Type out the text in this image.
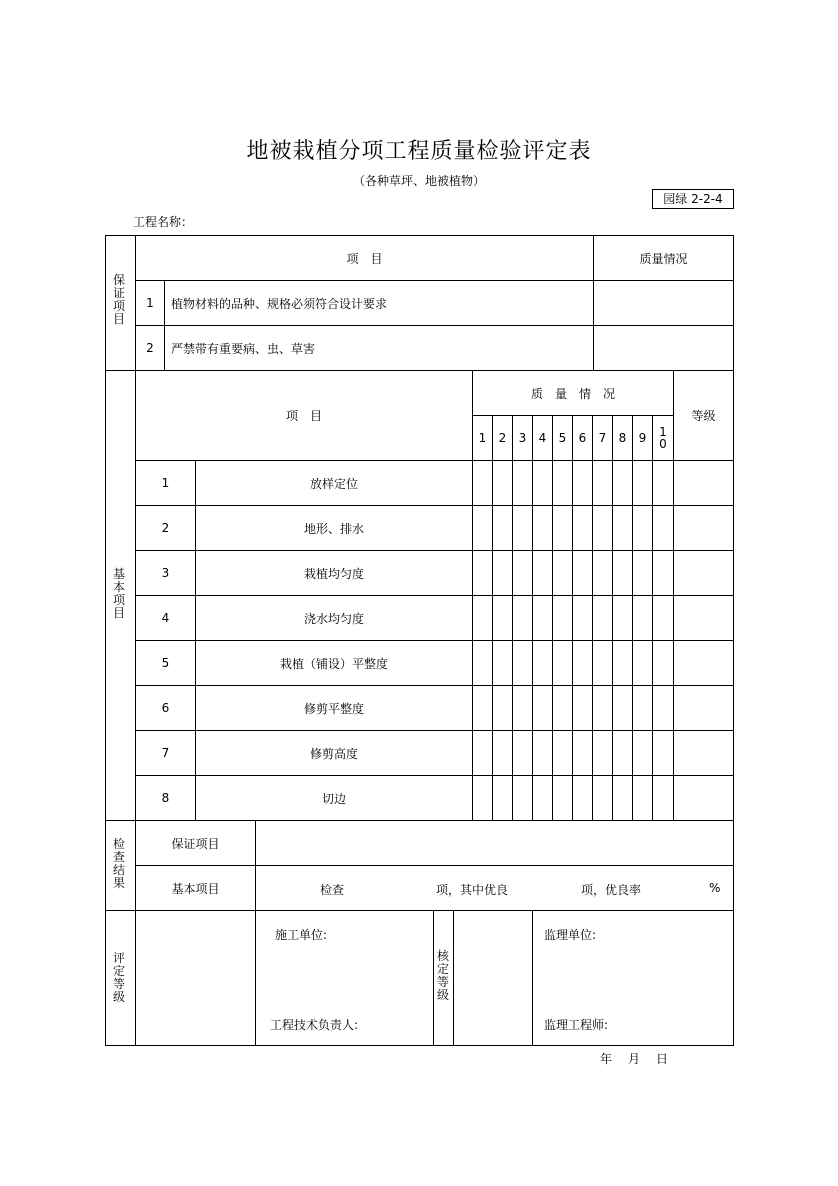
地被栽植分项工程质量检验评定表
（各种草坪、地被植物）
园绿 2-2-4
工程名称：
保证项目
项　目	质量情况
1	植物材料的品种、规格必须符合设计要求
2	严禁带有重要病、虫、草害
基本项目
项　目
质　量　情　况
等级
1	2	3	4	5	6	7	8	9	10
1	放样定位
2	地形、排水
3	栽植均匀度
4	浇水均匀度
5	栽植（铺设）平整度
6	修剪平整度
7	修剪高度
8	切边
检查结果
保证项目
基本项目	检查	项，其中优良	项，优良率	%
评定等级
施工单位:
工程技术负责人:
核定等级
监理单位:
监理工程师:
年 月 日
